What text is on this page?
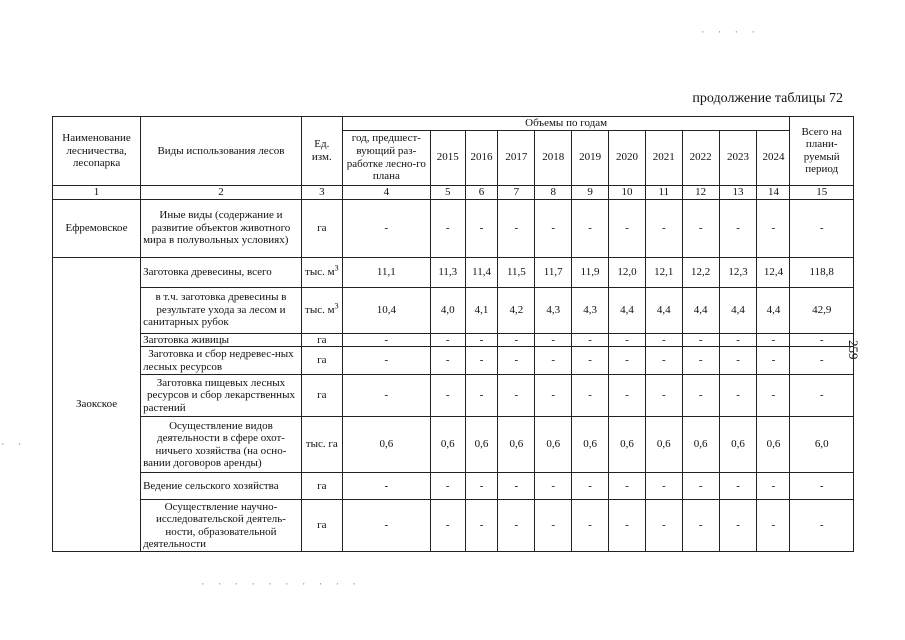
продолжение таблицы 72
259
Наименование лесничества, лесопарка	Виды использования лесов	Ед. изм.	Объемы по годам											Всего на плани-руемый период
			год, предшест-вующий раз-работке лесно-го плана	2015	2016	2017	2018	2019	2020	2021	2022	2023	2024	
1	2	3	4	5	6	7	8	9	10	11	12	13	14	15
Ефремовское	Иные виды (содержание и развитие объектов животного мира в полувольных условиях)	га	-	-	-	-	-	-	-	-	-	-	-	-
Заокское	Заготовка древесины, всего	тыс. $м^3$	11,1	11,3	11,4	11,5	11,7	11,9	12,0	12,1	12,2	12,3	12,4	118,8
	в т.ч. заготовка древесины в результате ухода за лесом и санитарных рубок	тыс. $м^3$	10,4	4,0	4,1	4,2	4,3	4,3	4,4	4,4	4,4	4,4	4,4	42,9
	Заготовка живицы	га	-	-	-	-	-	-	-	-	-	-	-	-
	Заготовка и сбор недревес-ных лесных ресурсов	га	-	-	-	-	-	-	-	-	-	-	-	-
	Заготовка пищевых лесных ресурсов и сбор лекарственных растений	га	-	-	-	-	-	-	-	-	-	-	-	-
	Осуществление видов деятельности в сфере охот-ничьего хозяйства (на осно-вании договоров аренды)	тыс. га	0,6	0,6	0,6	0,6	0,6	0,6	0,6	0,6	0,6	0,6	0,6	6,0
	Ведение сельского хозяйства	га	-	-	-	-	-	-	-	-	-	-	-	-
	Осуществление научно-исследовательской деятель-ности, образовательной деятельности	га	-	-	-	-	-	-	-	-	-	-	-	-
· · · ·
· ·
· · · · · · · · · ·
